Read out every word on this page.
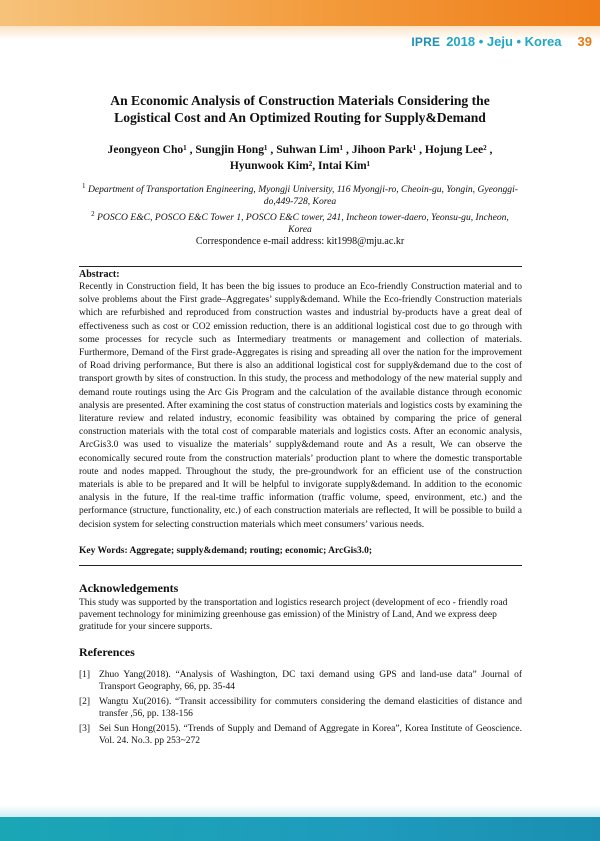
IPRE 2018 • Jeju • Korea 39
An Economic Analysis of Construction Materials Considering the
Logistical Cost and An Optimized Routing for Supply&Demand
Jeongyeon Cho¹ , Sungjin Hong¹ , Suhwan Lim¹ , Jihoon Park¹ , Hojung Lee² ,
Hyunwook Kim², Intai Kim¹
$^1$ Department of Transportation Engineering, Myongji University, 116 Myongji-ro, Cheoin-gu, Yongin, Gyeonggi-do,449-728, Korea
$^2$ POSCO E&C, POSCO E&C Tower 1, POSCO E&C tower, 241, Incheon tower-daero, Yeonsu-gu, Incheon, Korea
Correspondence e-mail address: kit1998@mju.ac.kr
Abstract:
Recently in Construction field, It has been the big issues to produce an Eco-friendly Construction material and to solve problems about the First grade–Aggregates’ supply&demand. While the Eco-friendly Construction materials which are refurbished and reproduced from construction wastes and industrial by-products have a great deal of effectiveness such as cost or CO2 emission reduction, there is an additional logistical cost due to go through with some processes for recycle such as Intermediary treatments or management and collection of materials. Furthermore, Demand of the First grade-Aggregates is rising and spreading all over the nation for the improvement of Road driving performance, But there is also an additional logistical cost for supply&demand due to the cost of transport growth by sites of construction. In this study, the process and methodology of the new material supply and demand route routings using the Arc Gis Program and the calculation of the available distance through economic analysis are presented. After examining the cost status of construction materials and logistics costs by examining the literature review and related industry, economic feasibility was obtained by comparing the price of general construction materials with the total cost of comparable materials and logistics costs. After an economic analysis, ArcGis3.0 was used to visualize the materials’ supply&demand route and As a result, We can observe the economically secured route from the construction materials’ production plant to where the domestic transportable route and nodes mapped. Throughout the study, the pre-groundwork for an efficient use of the construction materials is able to be prepared and It will be helpful to invigorate supply&demand. In addition to the economic analysis in the future, If the real-time traffic information (traffic volume, speed, environment, etc.) and the performance (structure, functionality, etc.) of each construction materials are reflected, It will be possible to build a decision system for selecting construction materials which meet consumers’ various needs.
Key Words: Aggregate; supply&demand; routing; economic; ArcGis3.0;
Acknowledgements
This study was supported by the transportation and logistics research project (development of eco - friendly road pavement technology for minimizing greenhouse gas emission) of the Ministry of Land, And we express deep gratitude for your sincere supports.
References
[1] Zhuo Yang(2018). “Analysis of Washington, DC taxi demand using GPS and land-use data” Journal of Transport Geography, 66, pp. 35-44
[2] Wangtu Xu(2016). “Transit accessibility for commuters considering the demand elasticities of distance and transfer ,56, pp. 138-156
[3] Sei Sun Hong(2015). “Trends of Supply and Demand of Aggregate in Korea”, Korea Institute of Geoscience. Vol. 24. No.3. pp 253~272
